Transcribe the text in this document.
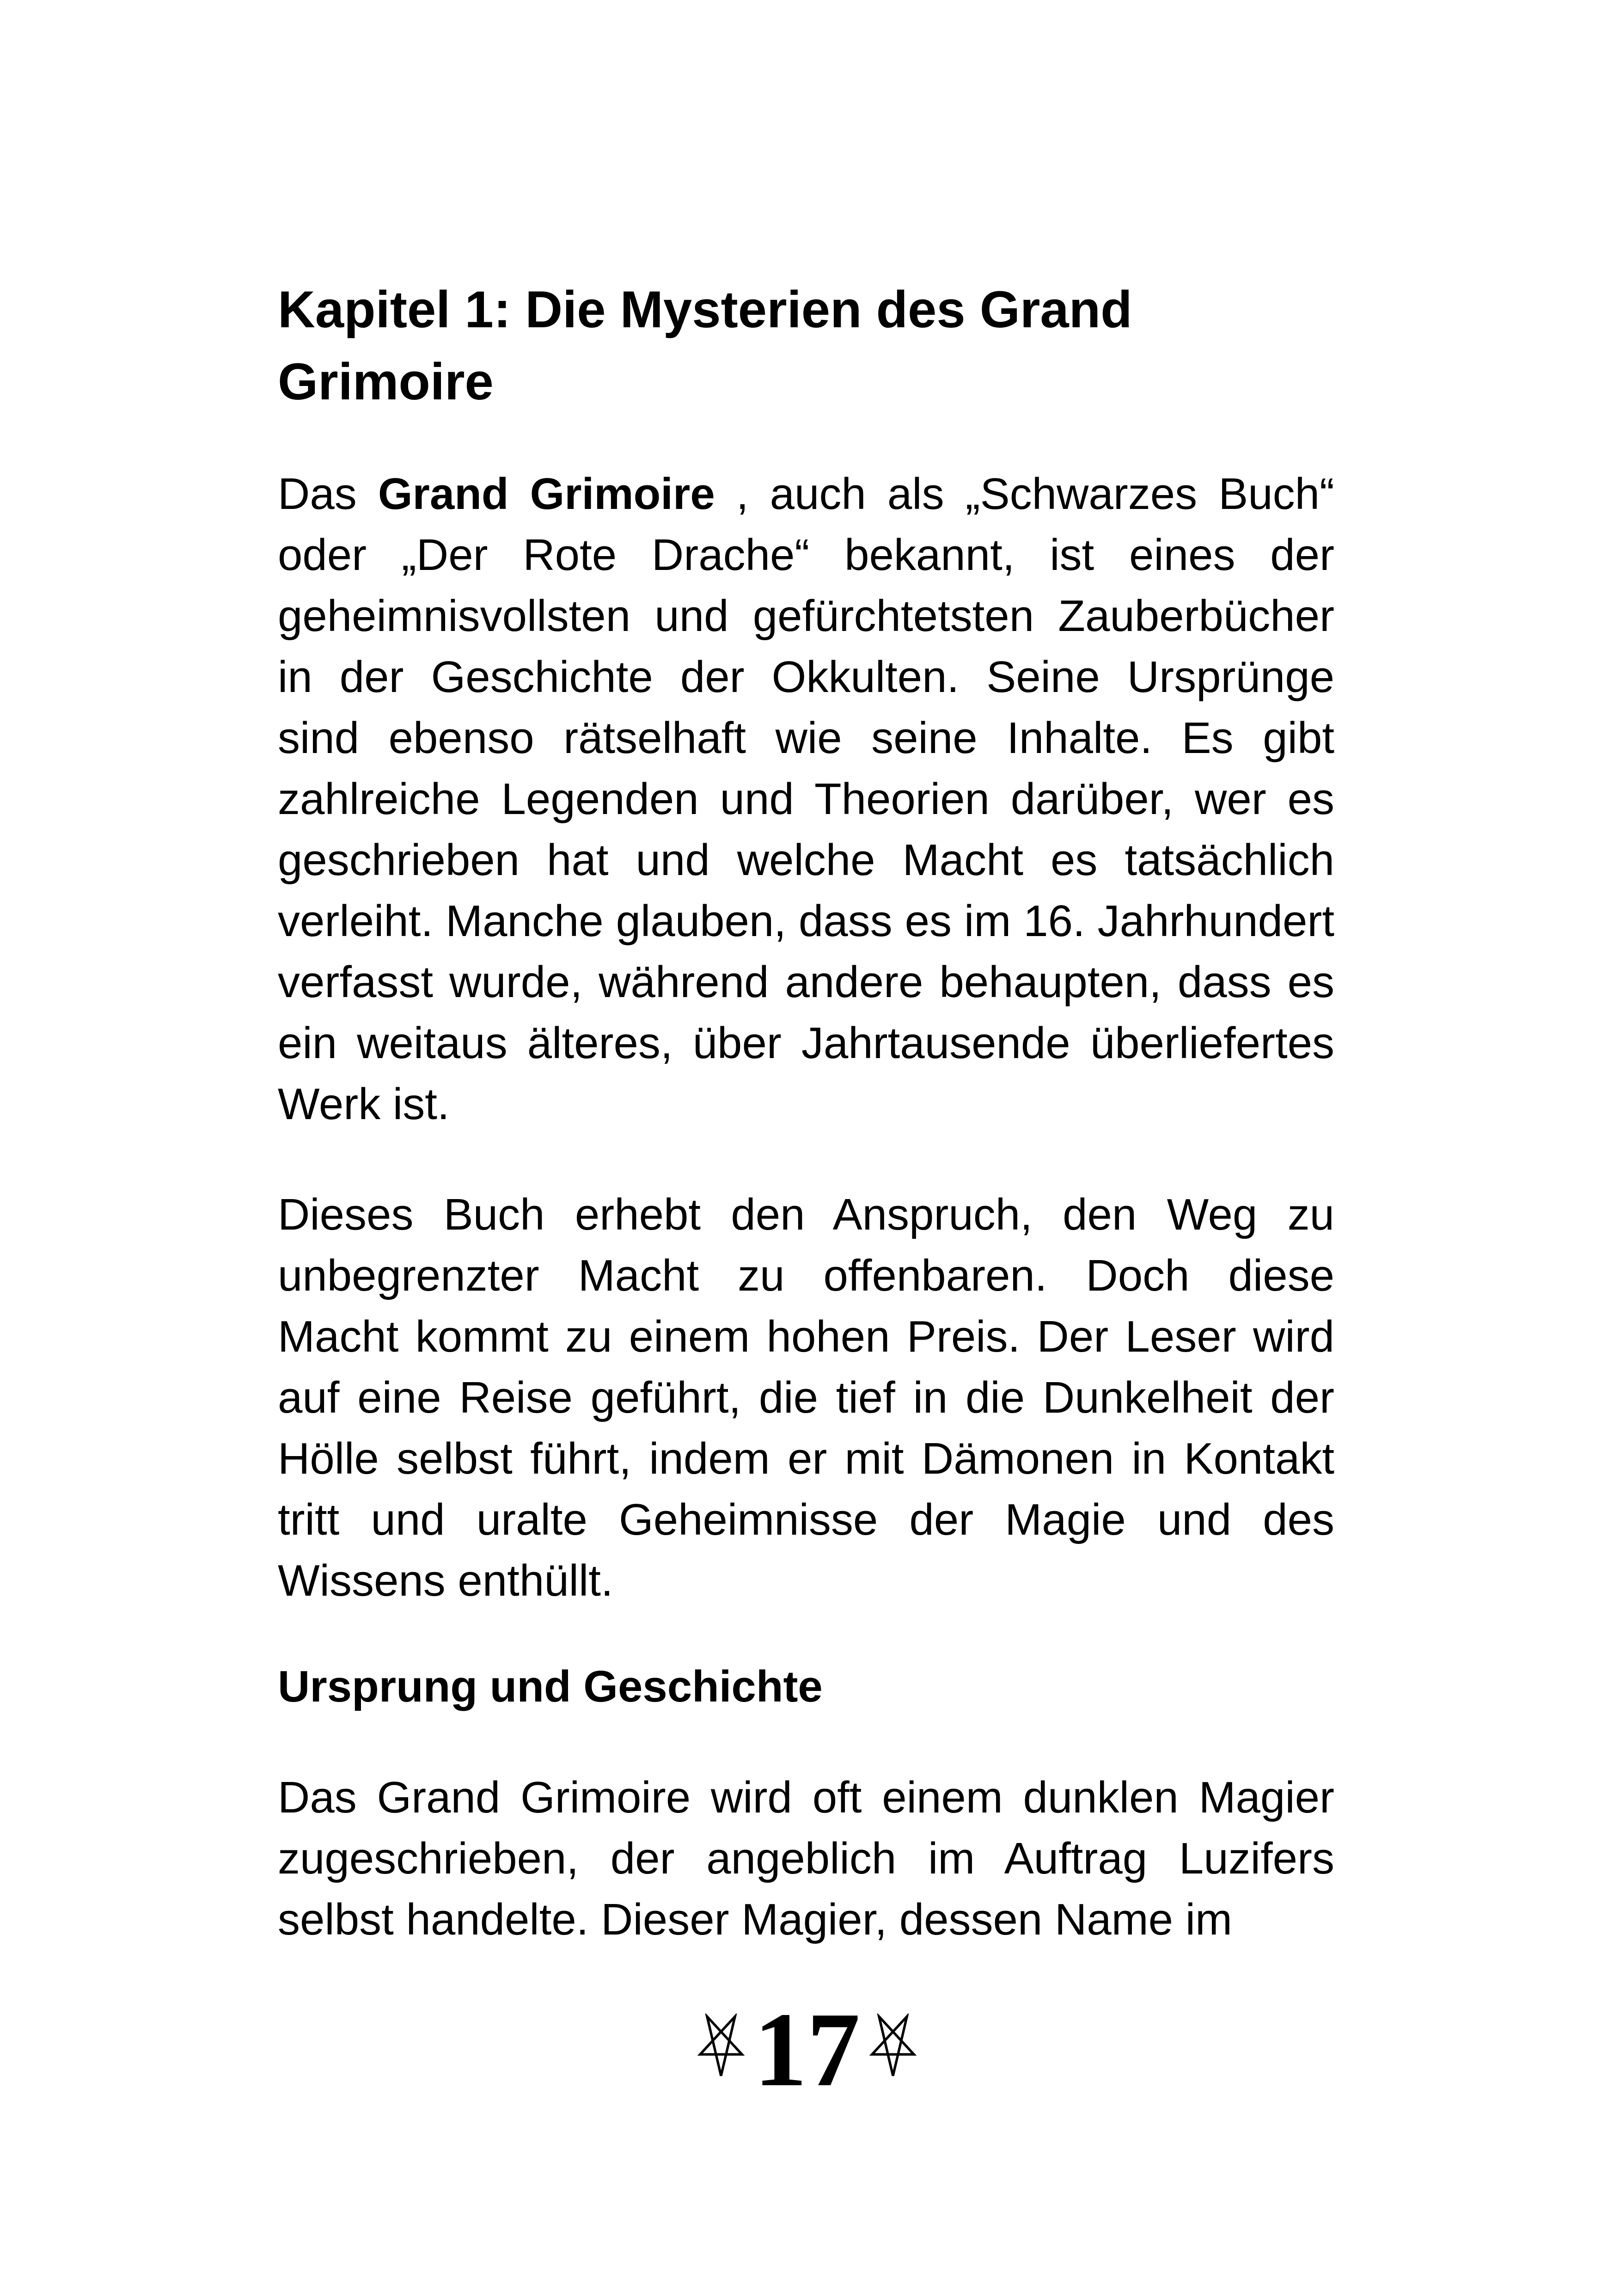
Kapitel 1: Die Mysterien des Grand Grimoire

Das Grand Grimoire , auch als „Schwarzes Buch“ oder „Der Rote Drache“ bekannt, ist eines der geheimnisvollsten und gefürchtetsten Zauberbücher in der Geschichte der Okkulten. Seine Ursprünge sind ebenso rätselhaft wie seine Inhalte. Es gibt zahlreiche Legenden und Theorien darüber, wer es geschrieben hat und welche Macht es tatsächlich verleiht. Manche glauben, dass es im 16. Jahrhundert verfasst wurde, während andere behaupten, dass es ein weitaus älteres, über Jahrtausende überliefertes Werk ist.

Dieses Buch erhebt den Anspruch, den Weg zu unbegrenzter Macht zu offenbaren. Doch diese Macht kommt zu einem hohen Preis. Der Leser wird auf eine Reise geführt, die tief in die Dunkelheit der Hölle selbst führt, indem er mit Dämonen in Kontakt tritt und uralte Geheimnisse der Magie und des Wissens enthüllt.

Ursprung und Geschichte

Das Grand Grimoire wird oft einem dunklen Magier zugeschrieben, der angeblich im Auftrag Luzifers selbst handelte. Dieser Magier, dessen Name im

17
